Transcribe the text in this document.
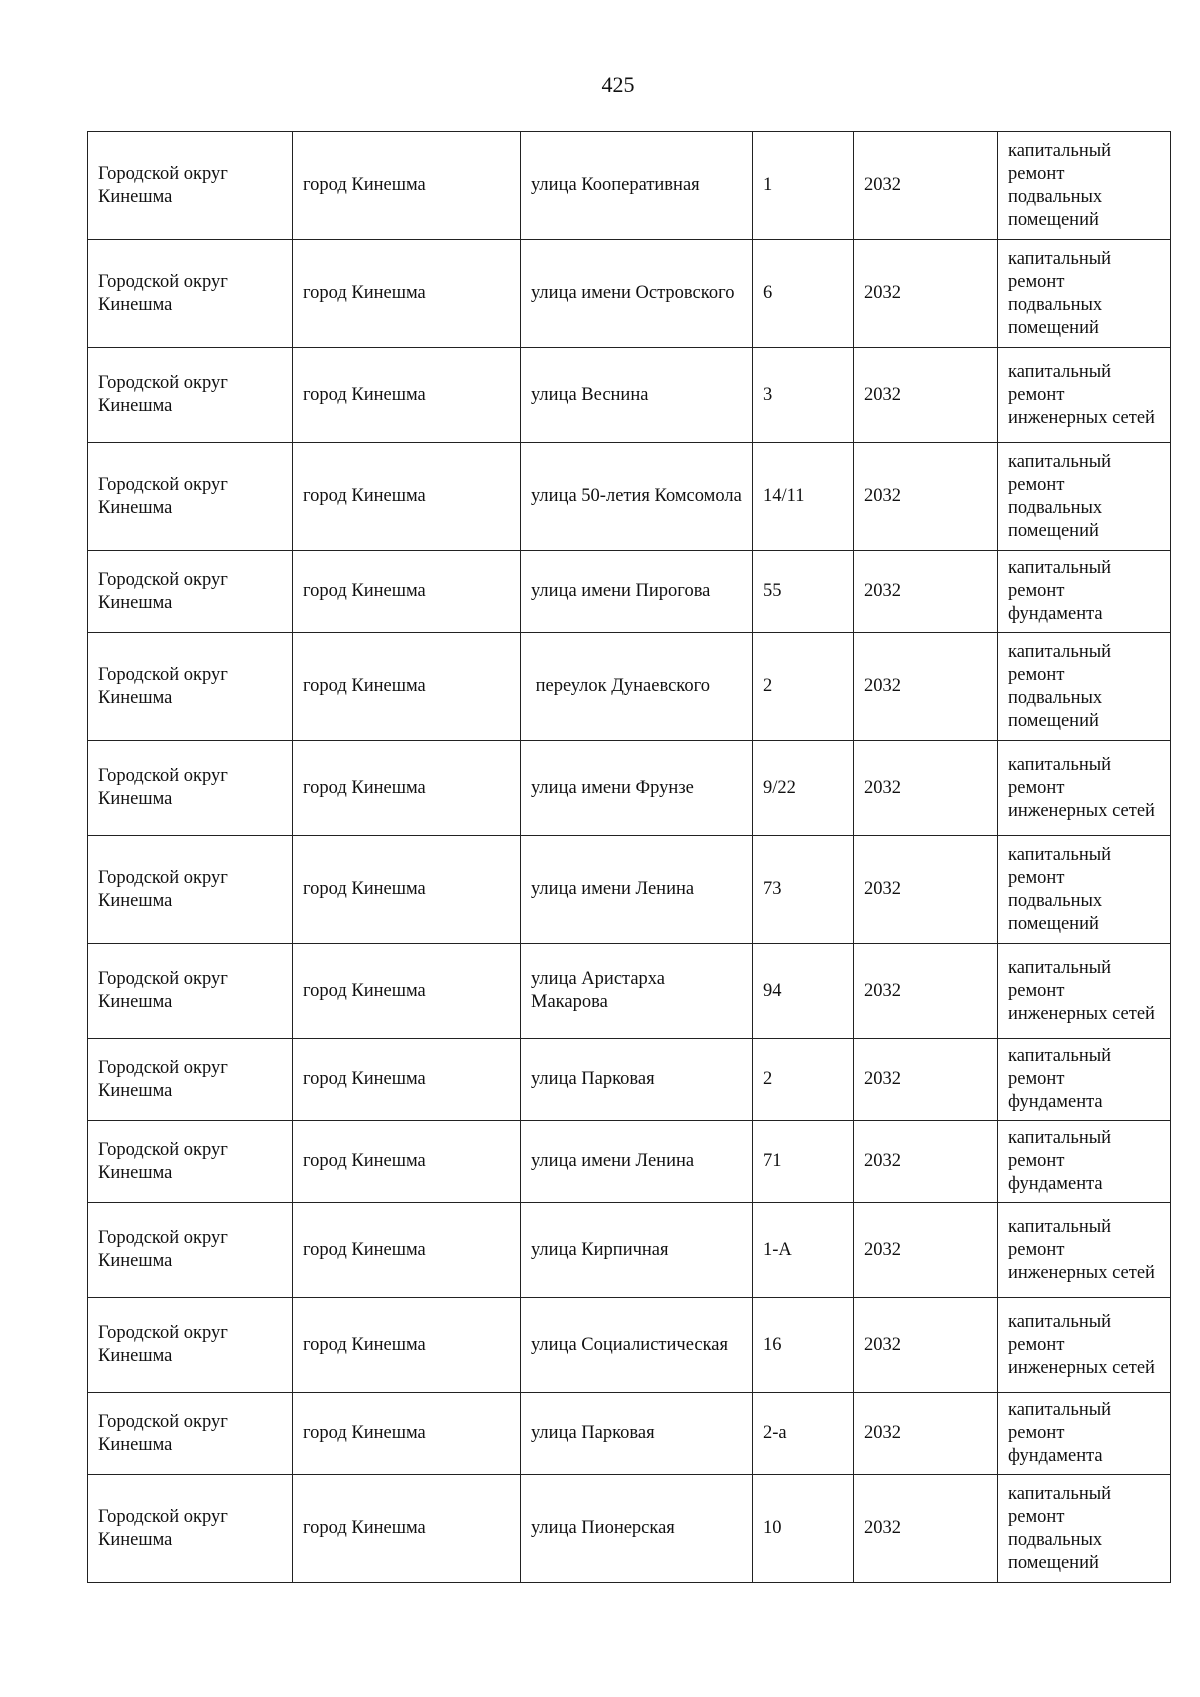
425
Городской округ Кинешма	город Кинешма	улица Кооперативная	1	2032	капитальный ремонт подвальных помещений
Городской округ Кинешма	город Кинешма	улица имени Островского	6	2032	капитальный ремонт подвальных помещений
Городской округ Кинешма	город Кинешма	улица Веснина	3	2032	капитальный ремонт инженерных сетей
Городской округ Кинешма	город Кинешма	улица 50-летия Комсомола	14/11	2032	капитальный ремонт подвальных помещений
Городской округ Кинешма	город Кинешма	улица имени Пирогова	55	2032	капитальный ремонт фундамента
Городской округ Кинешма	город Кинешма	переулок Дунаевского	2	2032	капитальный ремонт подвальных помещений
Городской округ Кинешма	город Кинешма	улица имени Фрунзе	9/22	2032	капитальный ремонт инженерных сетей
Городской округ Кинешма	город Кинешма	улица имени Ленина	73	2032	капитальный ремонт подвальных помещений
Городской округ Кинешма	город Кинешма	улица Аристарха Макарова	94	2032	капитальный ремонт инженерных сетей
Городской округ Кинешма	город Кинешма	улица Парковая	2	2032	капитальный ремонт фундамента
Городской округ Кинешма	город Кинешма	улица имени Ленина	71	2032	капитальный ремонт фундамента
Городской округ Кинешма	город Кинешма	улица Кирпичная	1-А	2032	капитальный ремонт инженерных сетей
Городской округ Кинешма	город Кинешма	улица Социалистическая	16	2032	капитальный ремонт инженерных сетей
Городской округ Кинешма	город Кинешма	улица Парковая	2-а	2032	капитальный ремонт фундамента
Городской округ Кинешма	город Кинешма	улица Пионерская	10	2032	капитальный ремонт подвальных помещений
